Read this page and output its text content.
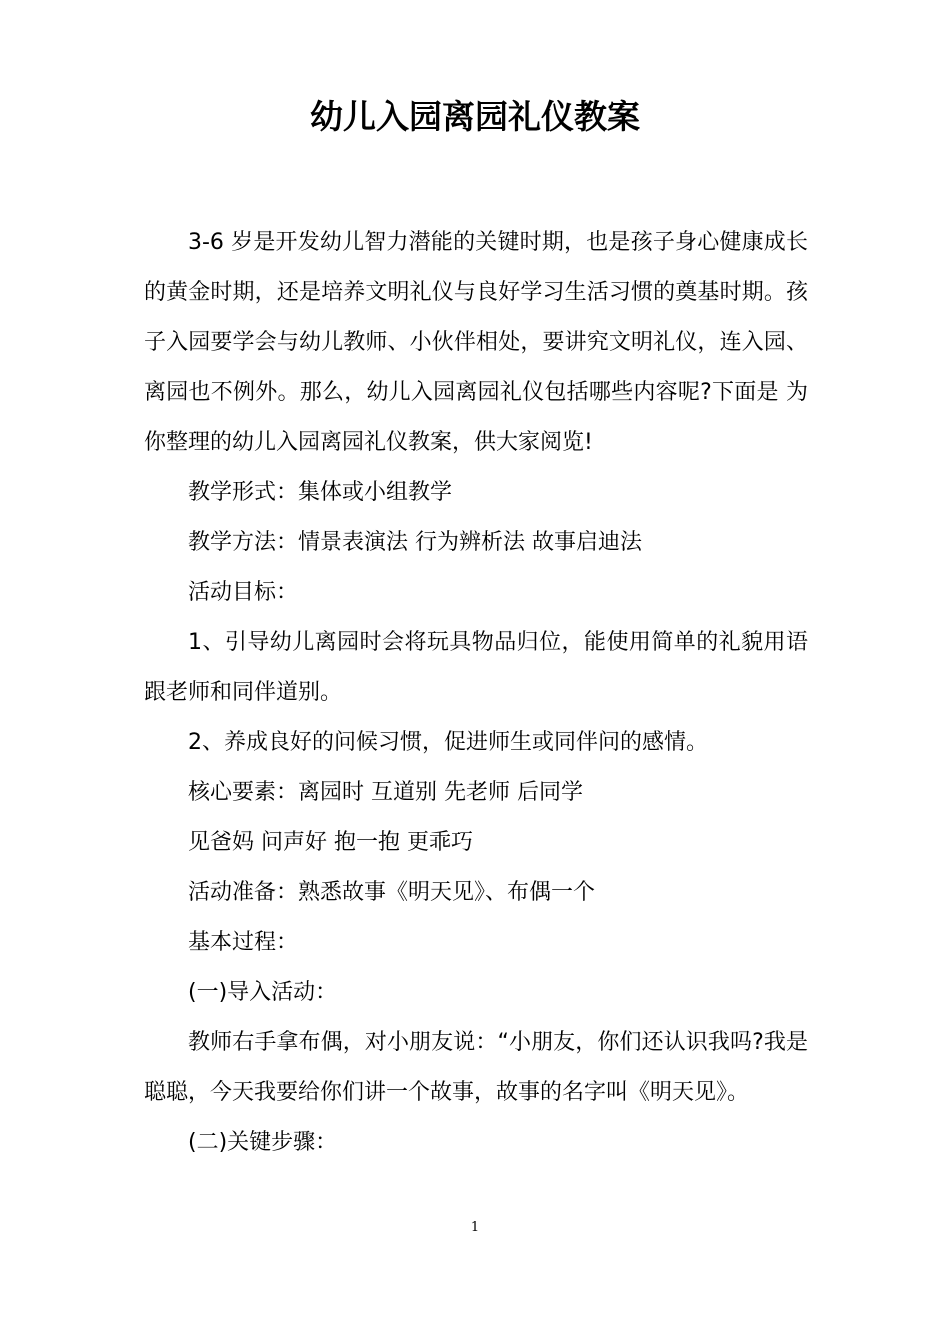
幼儿入园离园礼仪教案

3-6 岁是开发幼儿智力潜能的关键时期，也是孩子身心健康成长的黄金时期，还是培养文明礼仪与良好学习生活习惯的奠基时期。孩子入园要学会与幼儿教师、小伙伴相处，要讲究文明礼仪，连入园、离园也不例外。那么，幼儿入园离园礼仪包括哪些内容呢?下面是 为你整理的幼儿入园离园礼仪教案，供大家阅览!

教学形式：集体或小组教学

教学方法：情景表演法 行为辨析法 故事启迪法

活动目标：

1、引导幼儿离园时会将玩具物品归位，能使用简单的礼貌用语跟老师和同伴道别。

2、养成良好的问候习惯，促进师生或同伴问的感情。

核心要素：离园时 互道别 先老师 后同学

见爸妈 问声好 抱一抱 更乖巧

活动准备：熟悉故事《明天见》、布偶一个

基本过程：

(一)导入活动：

教师右手拿布偶，对小朋友说：“小朋友，你们还认识我吗?我是聪聪，今天我要给你们讲一个故事，故事的名字叫《明天见》。

(二)关键步骤：

1
